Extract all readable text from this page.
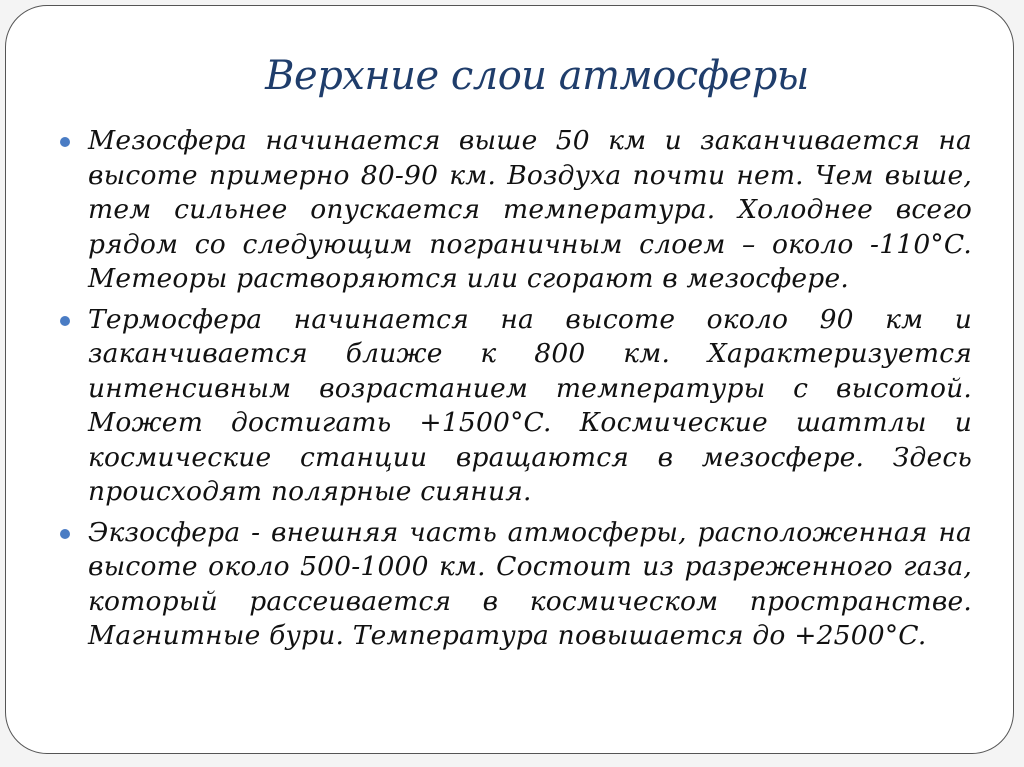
Верхние слои атмосферы

Мезосфера начинается выше 50 км и заканчивается на высоте примерно 80-90 км. Воздуха почти нет. Чем выше, тем сильнее опускается температура. Холоднее всего рядом со следующим пограничным слоем – около -110°C. Метеоры растворяются или сгорают в мезосфере.

Термосфера начинается на высоте около 90 км и заканчивается ближе к 800 км. Характеризуется интенсивным возрастанием температуры с высотой. Может достигать +1500°C. Космические шаттлы и космические станции вращаются в мезосфере. Здесь происходят полярные сияния.

Экзосфера - внешняя часть атмосферы, расположенная на высоте около 500-1000 км. Состоит из разреженного газа, который рассеивается в космическом пространстве. Магнитные бури. Температура повышается до +2500°C.
